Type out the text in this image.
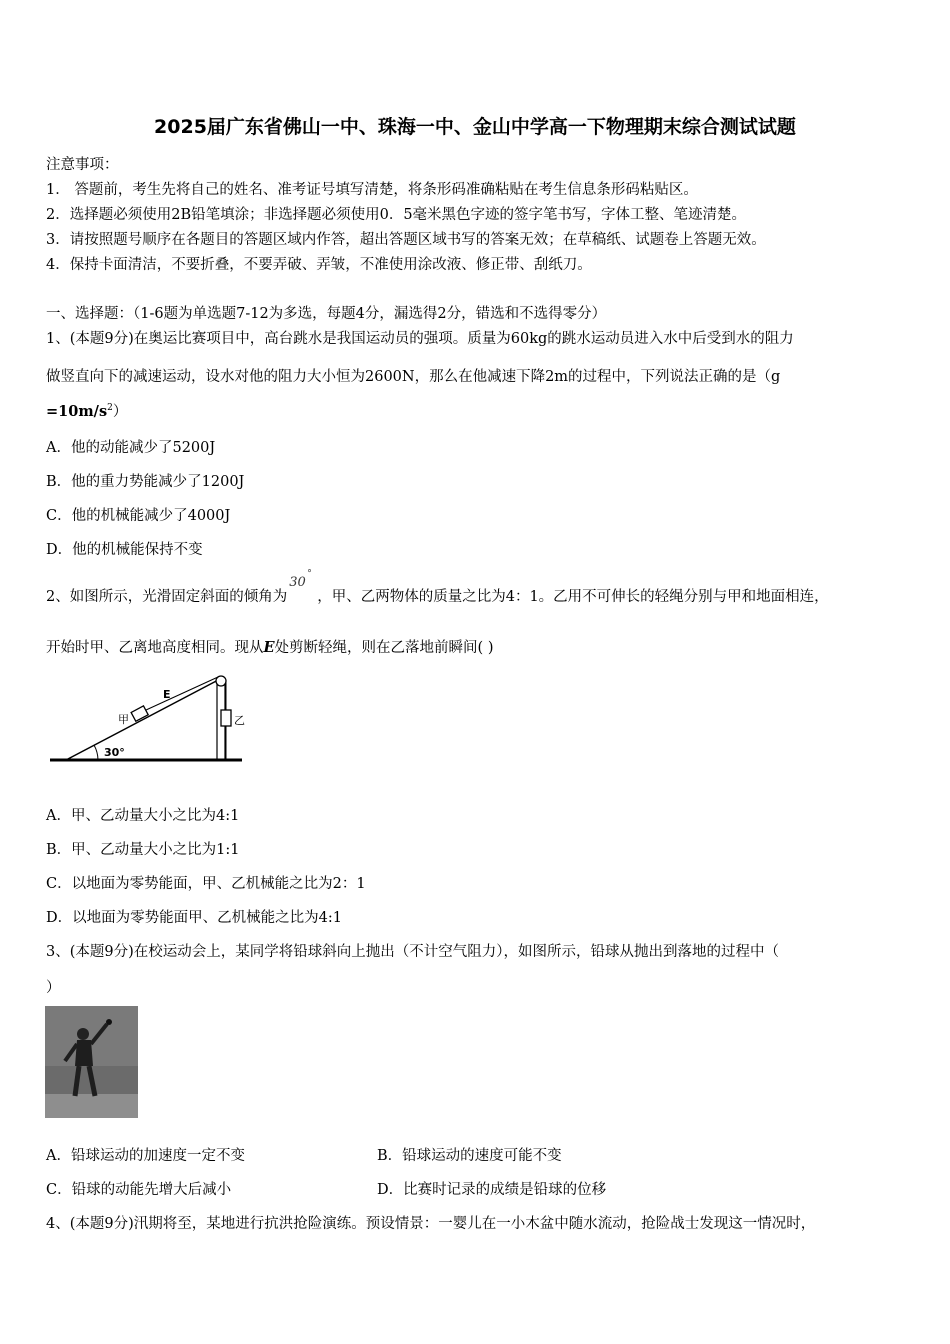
2025届广东省佛山一中、珠海一中、金山中学高一下物理期末综合测试试题
注意事项：
1． 答题前，考生先将自己的姓名、准考证号填写清楚，将条形码准确粘贴在考生信息条形码粘贴区。
2．选择题必须使用2B铅笔填涂；非选择题必须使用0．5毫米黑色字迹的签字笔书写，字体工整、笔迹清楚。
3．请按照题号顺序在各题目的答题区域内作答，超出答题区域书写的答案无效；在草稿纸、试题卷上答题无效。
4．保持卡面清洁，不要折叠，不要弄破、弄皱，不准使用涂改液、修正带、刮纸刀。
一、选择题：（1-6题为单选题7-12为多选，每题4分，漏选得2分，错选和不选得零分）
1、(本题9分)在奥运比赛项目中，高台跳水是我国运动员的强项。质量为60kg的跳水运动员进入水中后受到水的阻力
做竖直向下的减速运动，设水对他的阻力大小恒为2600N，那么在他减速下降2m的过程中，下列说法正确的是（g
$=10m/s^2$）
A．他的动能减少了5200J
B．他的重力势能减少了1200J
C．他的机械能减少了4000J
D．他的机械能保持不变
2、如图所示，光滑固定斜面的倾角为
30
°
，甲、乙两物体的质量之比为4：1。乙用不可伸长的轻绳分别与甲和地面相连，
开始时甲、乙离地高度相同。现从E处剪断轻绳，则在乙落地前瞬间( )
甲	乙
E
30°
A．甲、乙动量大小之比为4:1
B．甲、乙动量大小之比为1:1
C．以地面为零势能面，甲、乙机械能之比为2：1
D．以地面为零势能面甲、乙机械能之比为4:1
3、(本题9分)在校运动会上，某同学将铅球斜向上抛出（不计空气阻力），如图所示，铅球从抛出到落地的过程中（
）
A．铅球运动的加速度一定不变	B．铅球运动的速度可能不变
C．铅球的动能先增大后减小	D．比赛时记录的成绩是铅球的位移
4、(本题9分)汛期将至，某地进行抗洪抢险演练。预设情景：一婴儿在一小木盆中随水流动，抢险战士发现这一情况时，
